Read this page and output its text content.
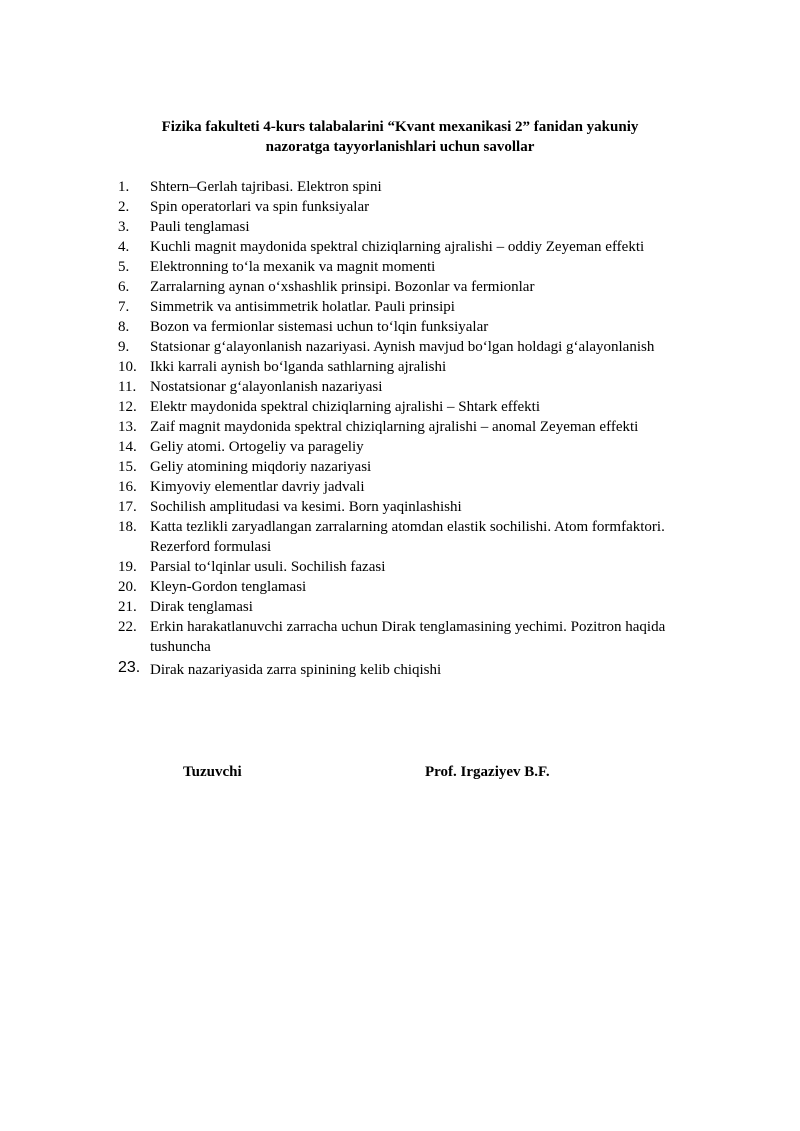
Fizika fakulteti 4-kurs talabalarini “Kvant mexanikasi 2” fanidan yakuniy
nazoratga tayyorlanishlari uchun savollar
1.	Shtern–Gerlah tajribasi. Elektron spini
2.	Spin operatorlari va spin funksiyalar
3.	Pauli tenglamasi
4.	Kuchli magnit maydonida spektral chiziqlarning ajralishi – oddiy Zeyeman effekti
5.	Elektronning to‘la mexanik va magnit momenti
6.	Zarralarning aynan o‘xshashlik prinsipi. Bozonlar va fermionlar
7.	Simmetrik va antisimmetrik holatlar. Pauli prinsipi
8.	Bozon va fermionlar sistemasi uchun to‘lqin funksiyalar
9.	Statsionar g‘alayonlanish nazariyasi. Aynish mavjud bo‘lgan holdagi g‘alayonlanish
10. Ikki karrali aynish bo‘lganda sathlarning ajralishi
11. Nostatsionar g‘alayonlanish nazariyasi
12. Elektr maydonida spektral chiziqlarning ajralishi – Shtark effekti
13. Zaif magnit maydonida spektral chiziqlarning ajralishi – anomal Zeyeman effekti
14. Geliy atomi. Ortogeliy va parageliy
15. Geliy atomining miqdoriy nazariyasi
16. Kimyoviy elementlar davriy jadvali
17. Sochilish amplitudasi va kesimi. Born yaqinlashishi
18. Katta tezlikli zaryadlangan zarralarning atomdan elastik sochilishi. Atom formfaktori. Rezerford formulasi
19. Parsial to‘lqinlar usuli. Sochilish fazasi
20. Kleyn-Gordon tenglamasi
21. Dirak tenglamasi
22. Erkin harakatlanuvchi zarracha uchun Dirak tenglamasining yechimi. Pozitron haqida tushuncha
23. Dirak nazariyasida zarra spinining kelib chiqishi
Tuzuvchi	Prof. Irgaziyev B.F.
